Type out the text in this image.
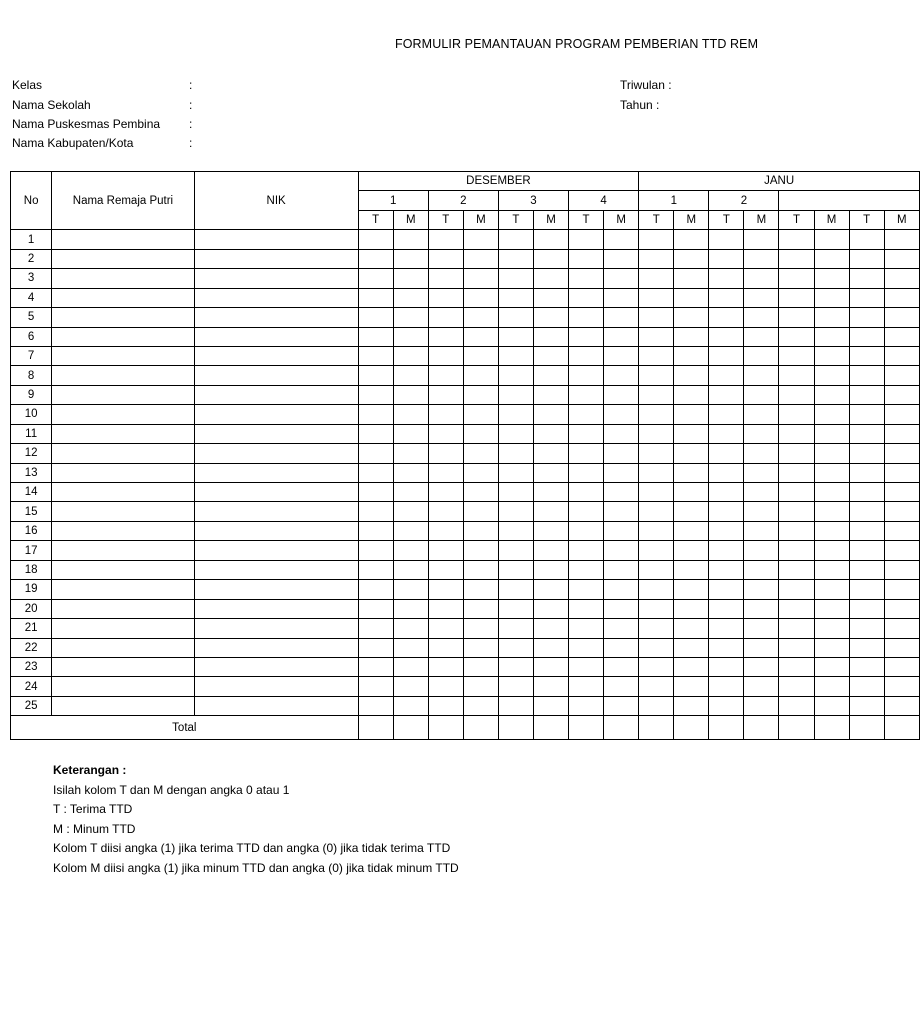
FORMULIR PEMANTAUAN PROGRAM PEMBERIAN TTD REM
Kelas	:
Nama Sekolah	:
Nama Puskesmas Pembina :
Nama Kabupaten/Kota	:
Triwulan :
Tahun :
No	Nama Remaja Putri	NIK	DESEMBER								JANU							
			1		2		3		4		1		2					
			T	M	T	M	T	M	T	M	T	M	T	M	T	M	T	M
1																		
2																		
3																		
4																		
5																		
6																		
7																		
8																		
9																		
10																		
11																		
12																		
13																		
14																		
15																		
16																		
17																		
18																		
19																		
20																		
21																		
22																		
23																		
24																		
25																		
Total																		
Keterangan :
Isilah kolom T dan M dengan angka 0 atau 1
T : Terima TTD
M : Minum TTD
Kolom T diisi angka (1) jika terima TTD dan angka (0) jika tidak terima TTD
Kolom M diisi angka (1) jika minum TTD dan angka (0) jika tidak minum TTD
